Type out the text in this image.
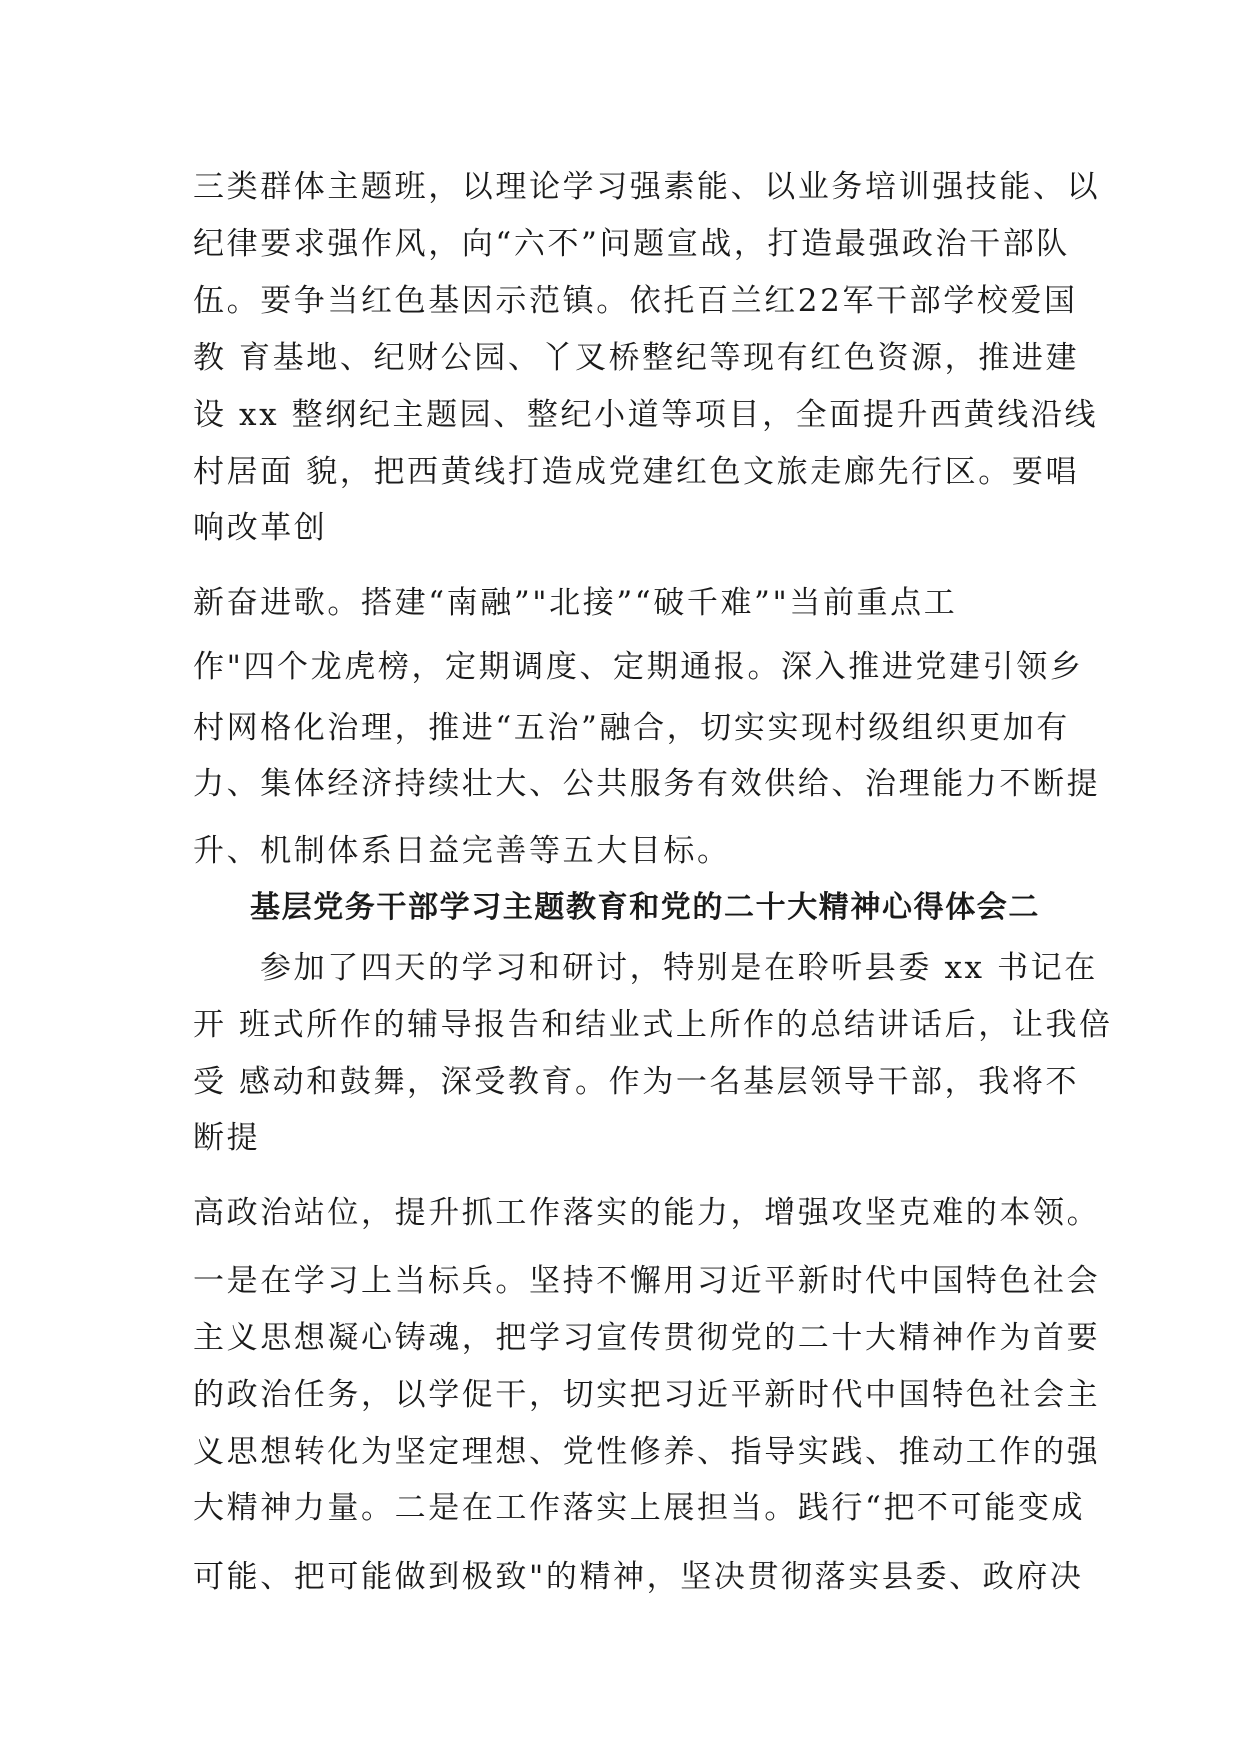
三类群体主题班，以理论学习强素能、以业务培训强技能、以
纪律要求强作风，向“六不”问题宣战，打造最强政治干部队
伍。要争当红色基因示范镇。依托百兰红22军干部学校爱国
教 育基地、纪财公园、丫叉桥整纪等现有红色资源，推进建
设 xx 整纲纪主题园、整纪小道等项目，全面提升西黄线沿线
村居面 貌，把西黄线打造成党建红色文旅走廊先行区。要唱
响改革创
新奋进歌。搭建“南融”"北接”“破千难”"当前重点工
作"四个龙虎榜，定期调度、定期通报。深入推进党建引领乡
村网格化治理，推进“五治”融合，切实实现村级组织更加有
力、集体经济持续壮大、公共服务有效供给、治理能力不断提
升、机制体系日益完善等五大目标。
基层党务干部学习主题教育和党的二十大精神心得体会二
参加了四天的学习和研讨，特别是在聆听县委 xx 书记在
开 班式所作的辅导报告和结业式上所作的总结讲话后，让我倍
受 感动和鼓舞，深受教育。作为一名基层领导干部，我将不
断提
高政治站位，提升抓工作落实的能力，增强攻坚克难的本领。
一是在学习上当标兵。坚持不懈用习近平新时代中国特色社会
主义思想凝心铸魂，把学习宣传贯彻党的二十大精神作为首要
的政治任务，以学促干，切实把习近平新时代中国特色社会主
义思想转化为坚定理想、党性修养、指导实践、推动工作的强
大精神力量。二是在工作落实上展担当。践行“把不可能变成
可能、把可能做到极致"的精神，坚决贯彻落实县委、政府决
